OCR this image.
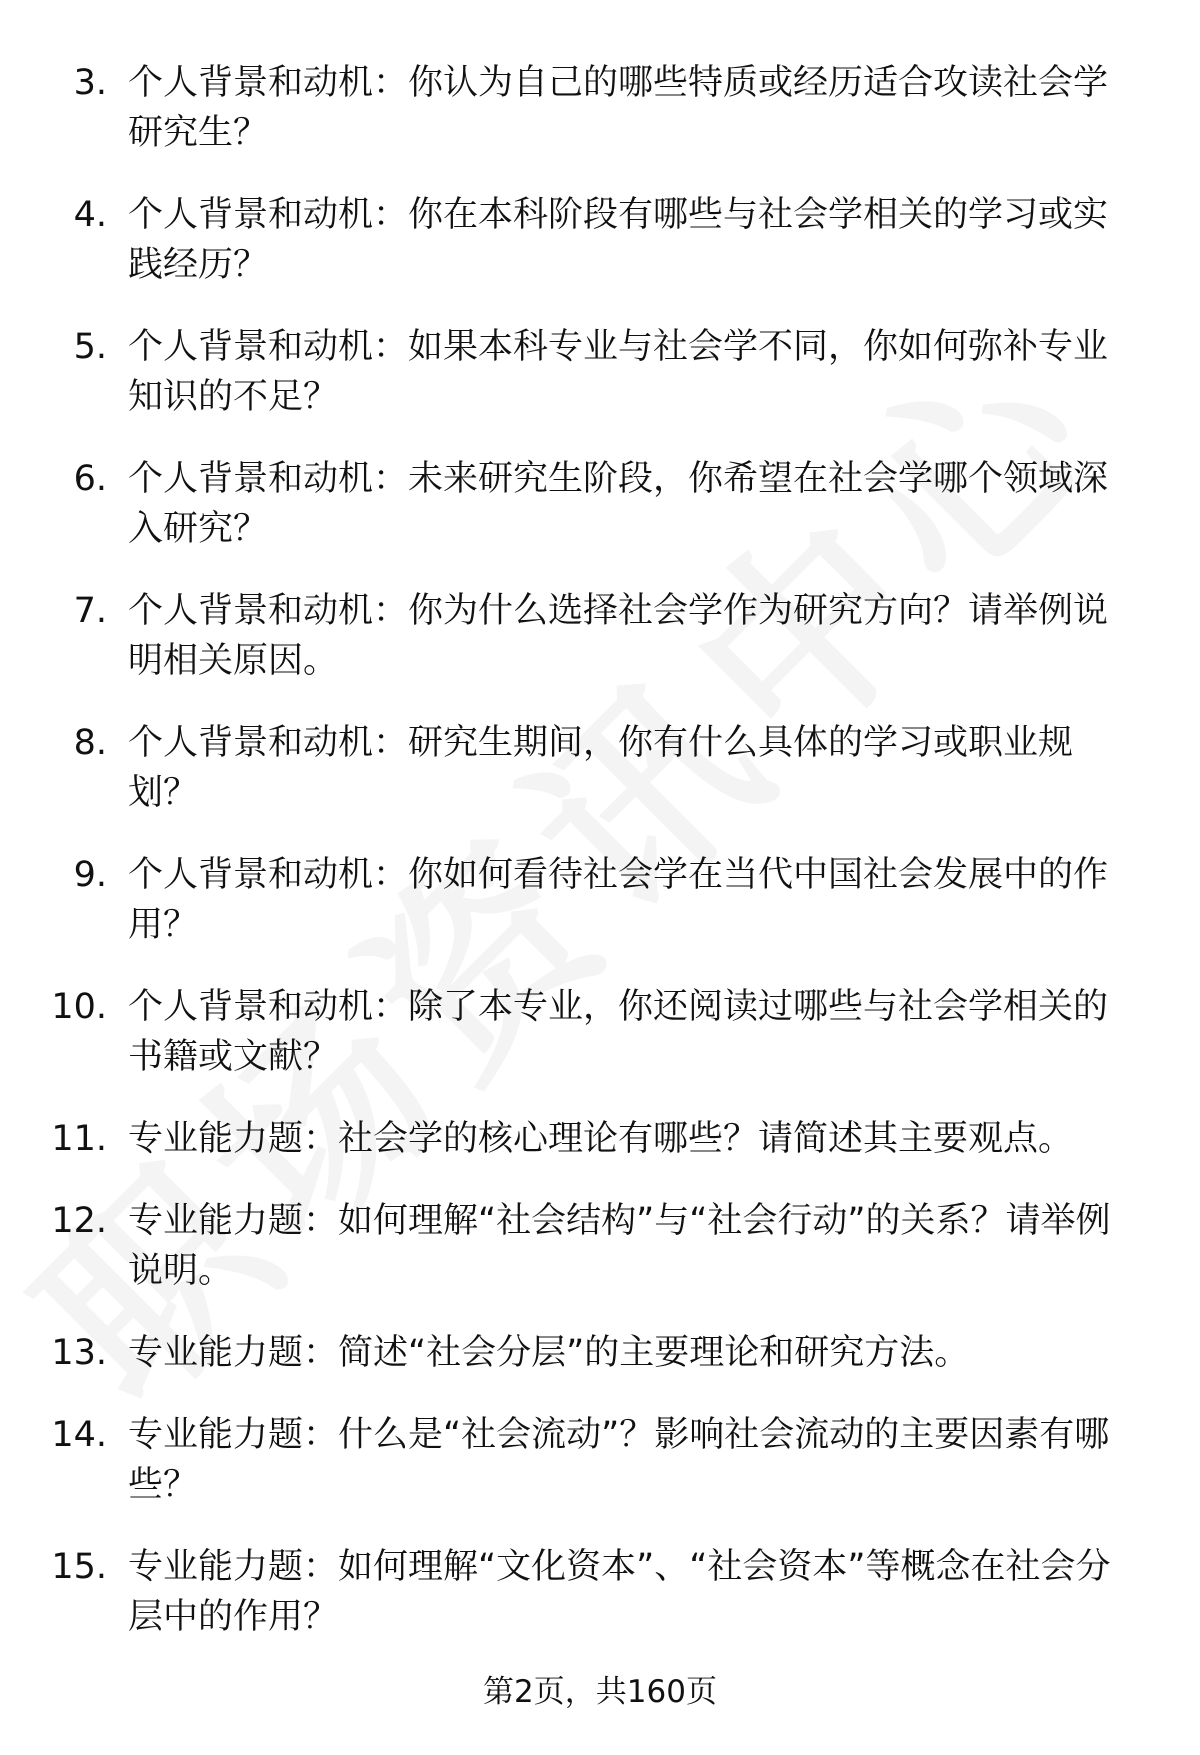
3. 个人背景和动机：你认为自己的哪些特质或经历适合攻读社会学研究生？
4. 个人背景和动机：你在本科阶段有哪些与社会学相关的学习或实践经历？
5. 个人背景和动机：如果本科专业与社会学不同，你如何弥补专业知识的不足？
6. 个人背景和动机：未来研究生阶段，你希望在社会学哪个领域深入研究？
7. 个人背景和动机：你为什么选择社会学作为研究方向？请举例说明相关原因。
8. 个人背景和动机：研究生期间，你有什么具体的学习或职业规划？
9. 个人背景和动机：你如何看待社会学在当代中国社会发展中的作用？
10. 个人背景和动机：除了本专业，你还阅读过哪些与社会学相关的书籍或文献？
11. 专业能力题：社会学的核心理论有哪些？请简述其主要观点。
12. 专业能力题：如何理解“社会结构”与“社会行动”的关系？请举例说明。
13. 专业能力题：简述“社会分层”的主要理论和研究方法。
14. 专业能力题：什么是“社会流动”？影响社会流动的主要因素有哪些？
15. 专业能力题：如何理解“文化资本”、“社会资本”等概念在社会分层中的作用？
第2页，共160页
